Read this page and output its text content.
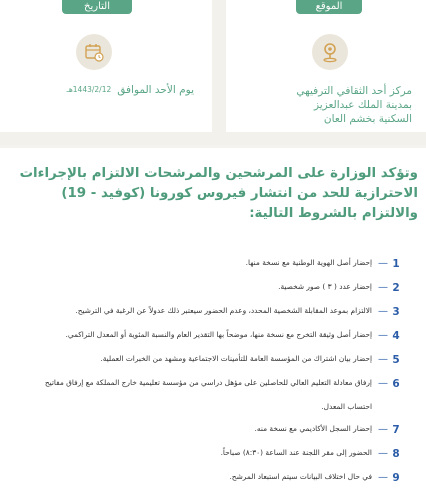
الموقع
مركز أحد الثقافي الترفيهي
بمدينة الملك عبدالعزيز
السكنية بخشم العان
التاريخ
يوم الأحد الموافق
1443/2/12هـ
وتؤكد الوزارة على المرشحين والمرشحات الالتزام بالإجراءات الاحترازية للحد من انتشار فيروس كورونا (كوفيد - 19) والالتزام بالشروط التالية:
1
—
إحضار أصل الهوية الوطنية مع نسخة منها.
2
—
إحضار عدد ( ٣ ) صور شخصية.
3
—
الالتزام بموعد المقابلة الشخصية المحدد، وعدم الحضور سيعتبر ذلك عدولاً عن الرغبة في الترشيح.
4
—
إحضار أصل وثيقة التخرج مع نسخة منها، موضحاً بها التقدير العام والنسبة المئوية أو المعدل التراكمي.
5
—
إحضار بيان اشتراك من المؤسسة العامة للتأمينات الاجتماعية ومشهد من الخبرات العملية.
6
—
إرفاق معادلة التعليم العالي للحاصلين على مؤهل دراسي من مؤسسة تعليمية خارج المملكة مع إرفاق مفاتيح
احتساب المعدل.
7
—
إحضار السجل الأكاديمي مع نسخة منه.
8
—
الحضور إلى مقر اللجنة عند الساعة (٨:٣٠) صباحاً.
9
—
في حال اختلاف البيانات سيتم استبعاد المرشح.
